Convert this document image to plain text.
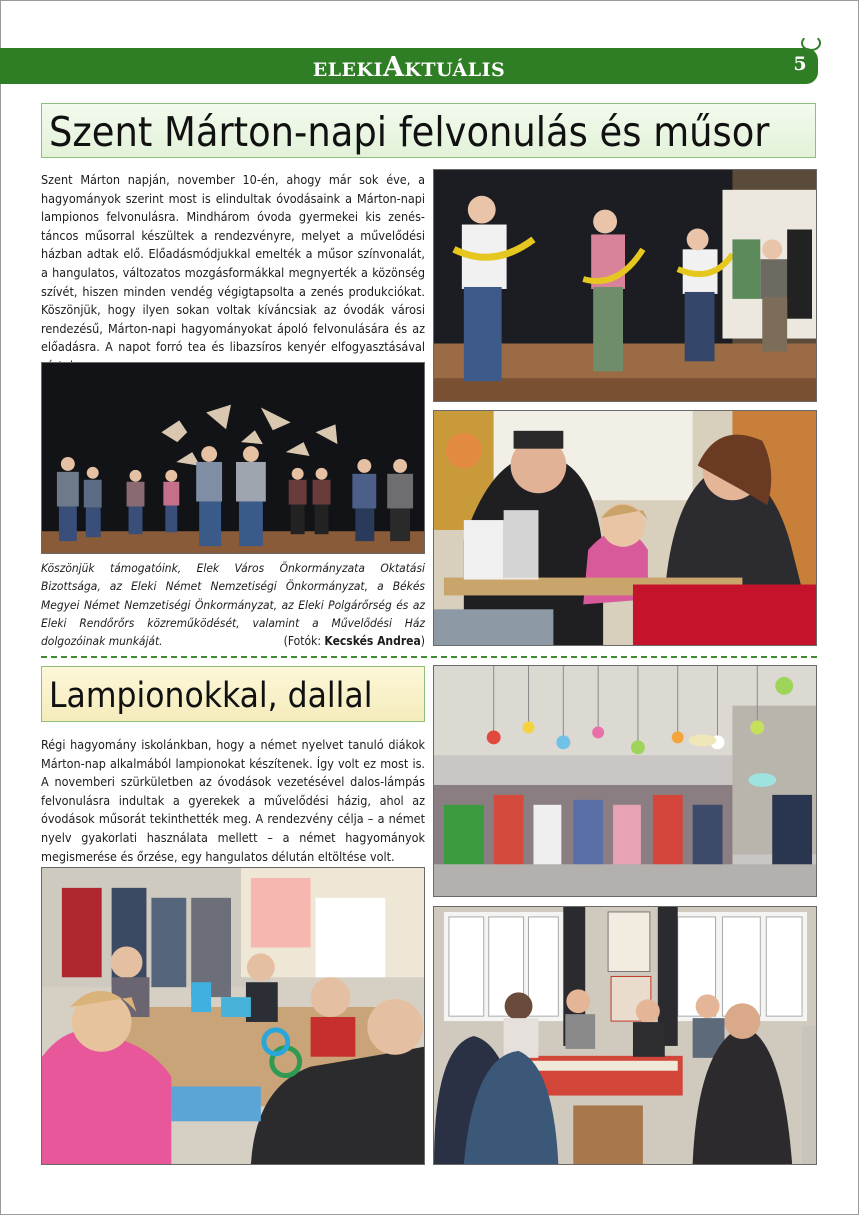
ELEKIAKTUÁLIS	5
Szent Márton-napi felvonulás és műsor
Szent Márton napján, november 10-én, ahogy már sok éve, a hagyományok szerint most is elindultak óvodásaink a Márton-napi lampionos felvonulásra. Mindhárom óvoda gyermekei kis zenés-táncos műsorral készültek a rendezvényre, melyet a művelődési házban adtak elő. Előadásmódjukkal emelték a műsor színvonalát, a hangulatos, változatos mozgásformákkal megnyerték a közönség szívét, hiszen minden vendég végigtapsolta a zenés produkciókat. Köszönjük, hogy ilyen sokan voltak kíváncsiak az óvodák városi rendezésű, Márton-napi hagyományokat ápoló felvonulására és az előadásra. A napot forró tea és libazsíros kenyér elfogyasztásával
Köszönjük támogatóink, Elek Város Önkormányzata Oktatási Bizottsága, az Eleki Német Nemzetiségi Önkormányzat, a Békés Megyei Német Nemzetiségi Önkormányzat, az Eleki Polgárőrség és az Eleki Rendőrőrs közreműködését, valamint a Művelődési Ház dolgozóinak munkáját.	(Fotók: Kecskés Andrea)
Lampionokkal, dallal
Régi hagyomány iskolánkban, hogy a német nyelvet tanuló diákok Márton-nap alkalmából lampionokat készítenek. Így volt ez most is. A novemberi szürkületben az óvodások vezetésével dalos-lámpás felvonulásra indultak a gyerekek a művelődési házig, ahol az óvodások műsorát tekinthették meg. A rendezvény célja – a német nyelv gyakorlati használata mellett – a német hagyományok megismerése és őrzése, egy hangulatos délután eltöltése volt.
